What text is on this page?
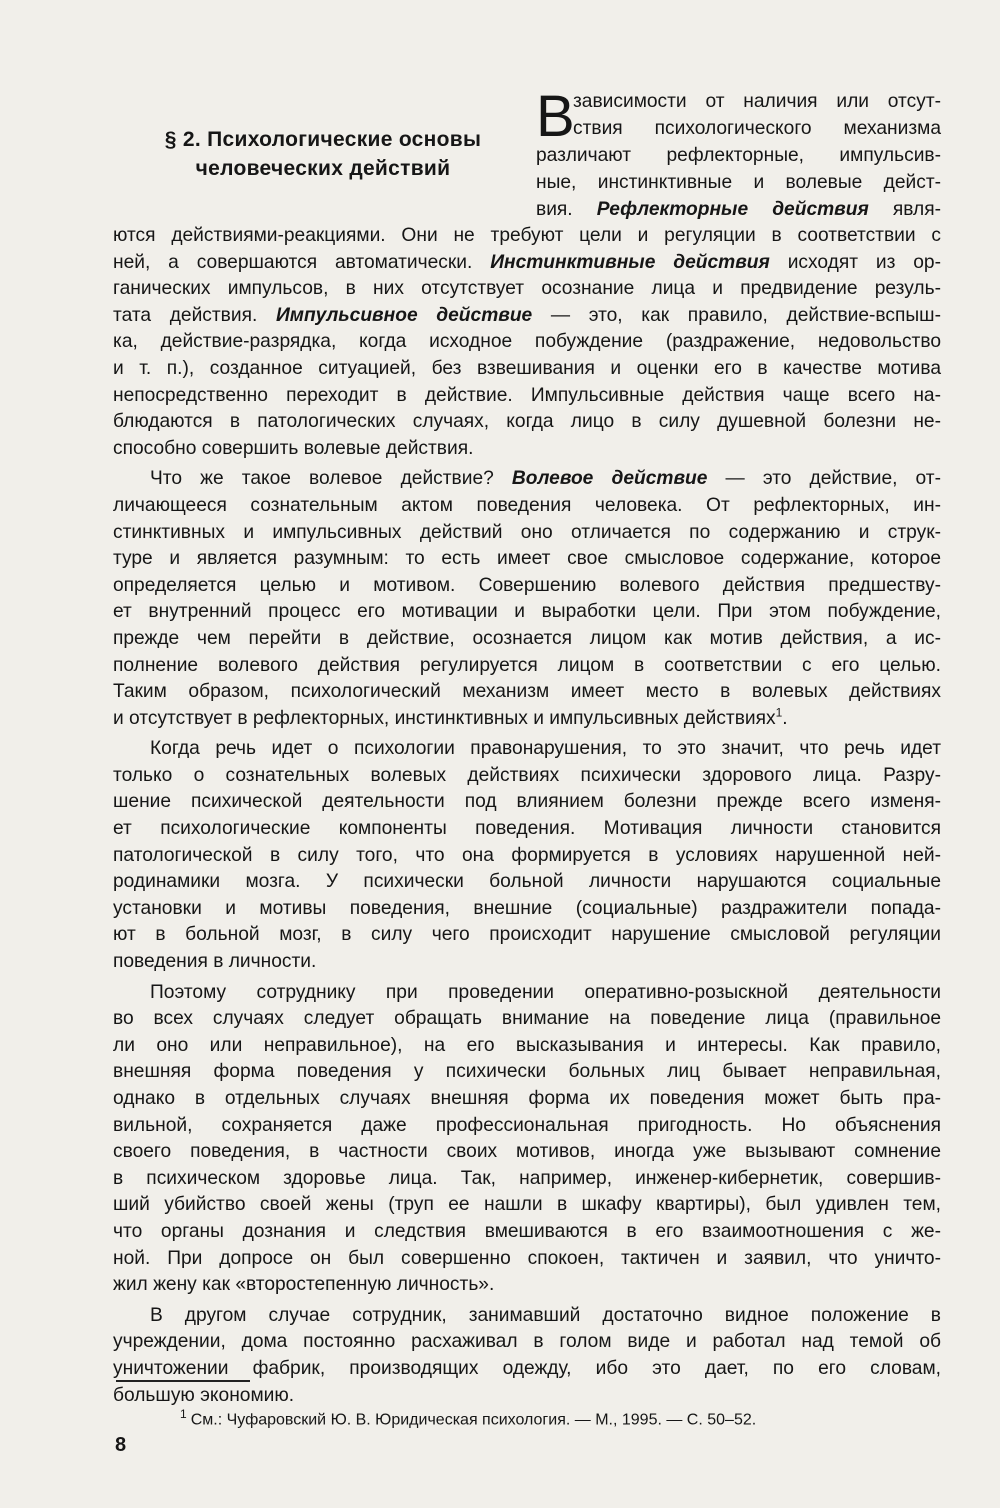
§ 2. Психологические основы
человеческих действий
В
зависимости от наличия или отсут-
ствия психологического механизма
различают рефлекторные, импульсив-
ные, инстинктивные и волевые дейст-
вия. Рефлекторные действия явля-
ются действиями-реакциями. Они не требуют цели и регуляции в соответствии с
ней, а совершаются автоматически. Инстинктивные действия исходят из ор-
ганических импульсов, в них отсутствует осознание лица и предвидение резуль-
тата действия. Импульсивное действие — это, как правило, действие-вспыш-
ка, действие-разрядка, когда исходное побуждение (раздражение, недовольство
и т. п.), созданное ситуацией, без взвешивания и оценки его в качестве мотива
непосредственно переходит в действие. Импульсивные действия чаще всего на-
блюдаются в патологических случаях, когда лицо в силу душевной болезни не-
способно совершить волевые действия.
Что же такое волевое действие? Волевое действие — это действие, от-
личающееся сознательным актом поведения человека. От рефлекторных, ин-
стинктивных и импульсивных действий оно отличается по содержанию и струк-
туре и является разумным: то есть имеет свое смысловое содержание, которое
определяется целью и мотивом. Совершению волевого действия предшеству-
ет внутренний процесс его мотивации и выработки цели. При этом побуждение,
прежде чем перейти в действие, осознается лицом как мотив действия, а ис-
полнение волевого действия регулируется лицом в соответствии с его целью.
Таким образом, психологический механизм имеет место в волевых действиях
и отсутствует в рефлекторных, инстинктивных и импульсивных действиях$^1$.
Когда речь идет о психологии правонарушения, то это значит, что речь идет
только о сознательных волевых действиях психически здорового лица. Разру-
шение психической деятельности под влиянием болезни прежде всего изменя-
ет психологические компоненты поведения. Мотивация личности становится
патологической в силу того, что она формируется в условиях нарушенной ней-
родинамики мозга. У психически больной личности нарушаются социальные
установки и мотивы поведения, внешние (социальные) раздражители попада-
ют в больной мозг, в силу чего происходит нарушение смысловой регуляции
поведения в личности.
Поэтому сотруднику при проведении оперативно-розыскной деятельности
во всех случаях следует обращать внимание на поведение лица (правильное
ли оно или неправильное), на его высказывания и интересы. Как правило,
внешняя форма поведения у психически больных лиц бывает неправильная,
однако в отдельных случаях внешняя форма их поведения может быть пра-
вильной, сохраняется даже профессиональная пригодность. Но объяснения
своего поведения, в частности своих мотивов, иногда уже вызывают сомнение
в психическом здоровье лица. Так, например, инженер-кибернетик, совершив-
ший убийство своей жены (труп ее нашли в шкафу квартиры), был удивлен тем,
что органы дознания и следствия вмешиваются в его взаимоотношения с же-
ной. При допросе он был совершенно спокоен, тактичен и заявил, что уничто-
жил жену как «второстепенную личность».
В другом случае сотрудник, занимавший достаточно видное положение в
учреждении, дома постоянно расхаживал в голом виде и работал над темой об
уничтожении фабрик, производящих одежду, ибо это дает, по его словам,
большую экономию.
$^1$ См.: Чуфаровский Ю. В. Юридическая психология. — М., 1995. — С. 50–52.
8
